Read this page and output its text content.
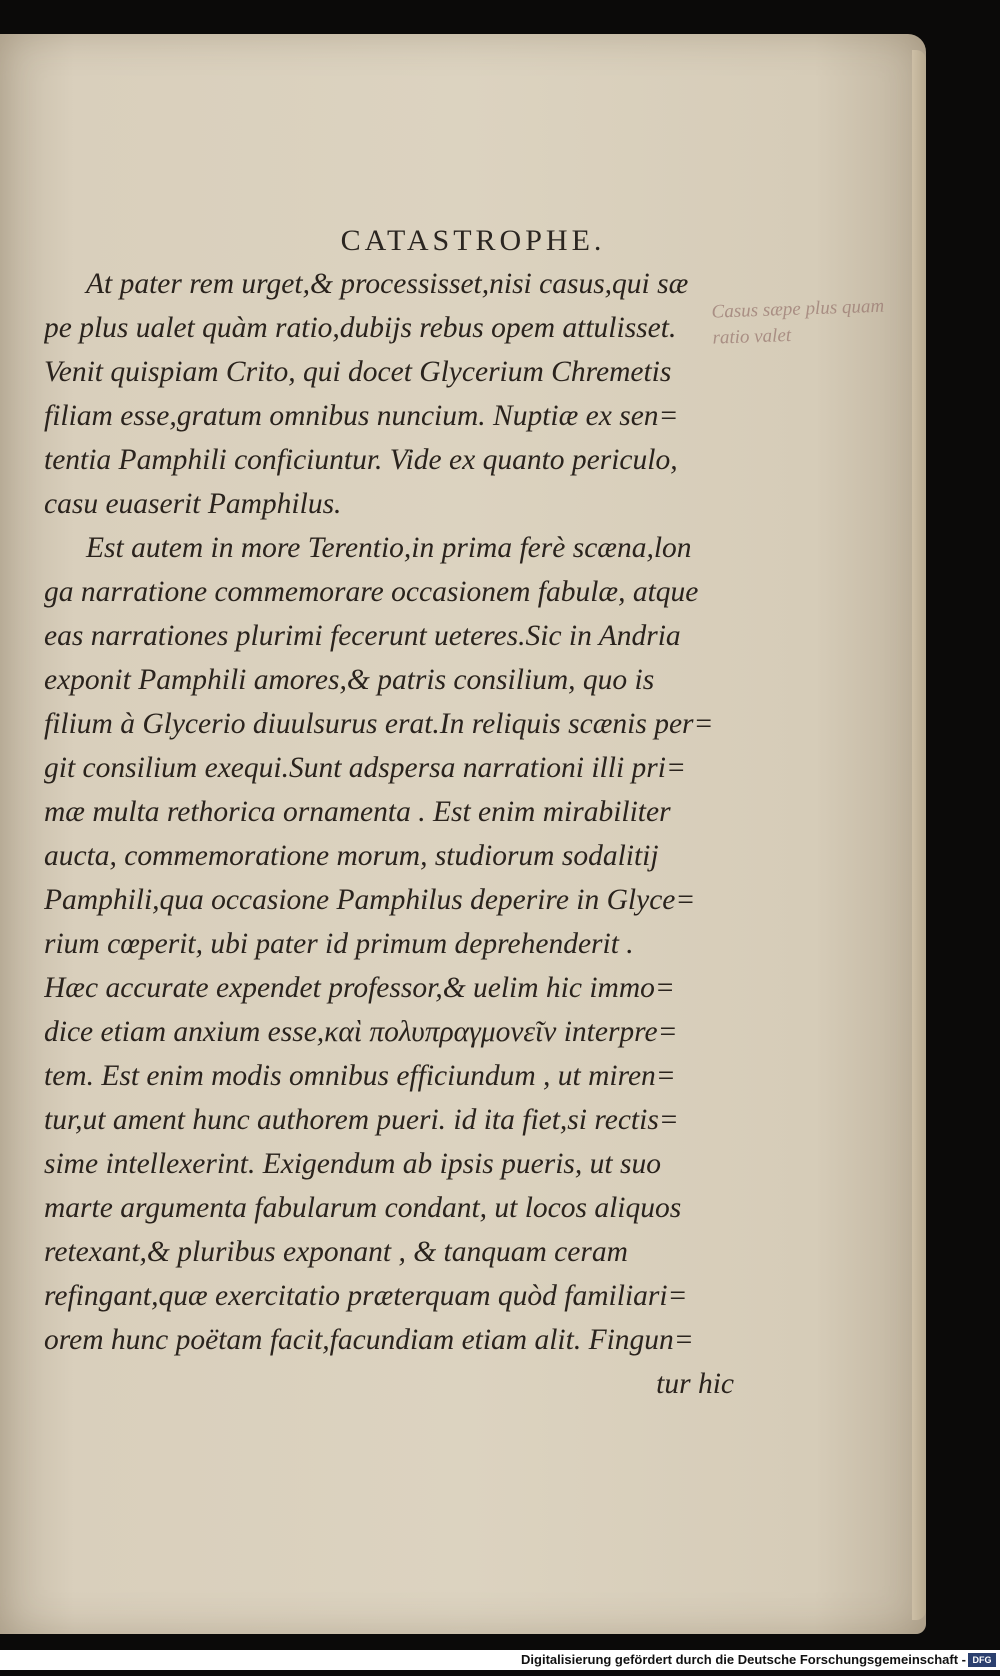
CATASTROPHE.
At pater rem urget,& processisset,nisi casus,qui sæ
pe plus ualet quàm ratio,dubijs rebus opem attulisset.
Venit quispiam Crito, qui docet Glycerium Chremetis
filiam esse,gratum omnibus nuncium. Nuptiæ ex sen=
tentia Pamphili conficiuntur. Vide ex quanto periculo,
casu euaserit Pamphilus.
Est autem in more Terentio,in prima ferè scæna,lon
ga narratione commemorare occasionem fabulæ, atque
eas narrationes plurimi fecerunt ueteres.Sic in Andria
exponit Pamphili amores,& patris consilium, quo is
filium à Glycerio diuulsurus erat.In reliquis scænis per=
git consilium exequi.Sunt adspersa narrationi illi pri=
mæ multa rethorica ornamenta . Est enim mirabiliter
aucta, commemoratione morum, studiorum sodalitij
Pamphili,qua occasione Pamphilus deperire in Glyce=
rium cœperit, ubi pater id primum deprehenderit .
Hæc accurate expendet professor,& uelim hic immo=
dice etiam anxium esse,καὶ πολυπραγμονεῖν interpre=
tem. Est enim modis omnibus efficiundum , ut miren=
tur,ut ament hunc authorem pueri. id ita fiet,si rectis=
sime intellexerint. Exigendum ab ipsis pueris, ut suo
marte argumenta fabularum condant, ut locos aliquos
retexant,& pluribus exponant , & tanquam ceram
refingant,quæ exercitatio præterquam quòd familiari=
orem hunc poëtam facit,facundiam etiam alit. Fingun=
tur hic
Casus sæpe plus quam
ratio valet
Digitalisierung gefördert durch die Deutsche Forschungsgemeinschaft - DFG
